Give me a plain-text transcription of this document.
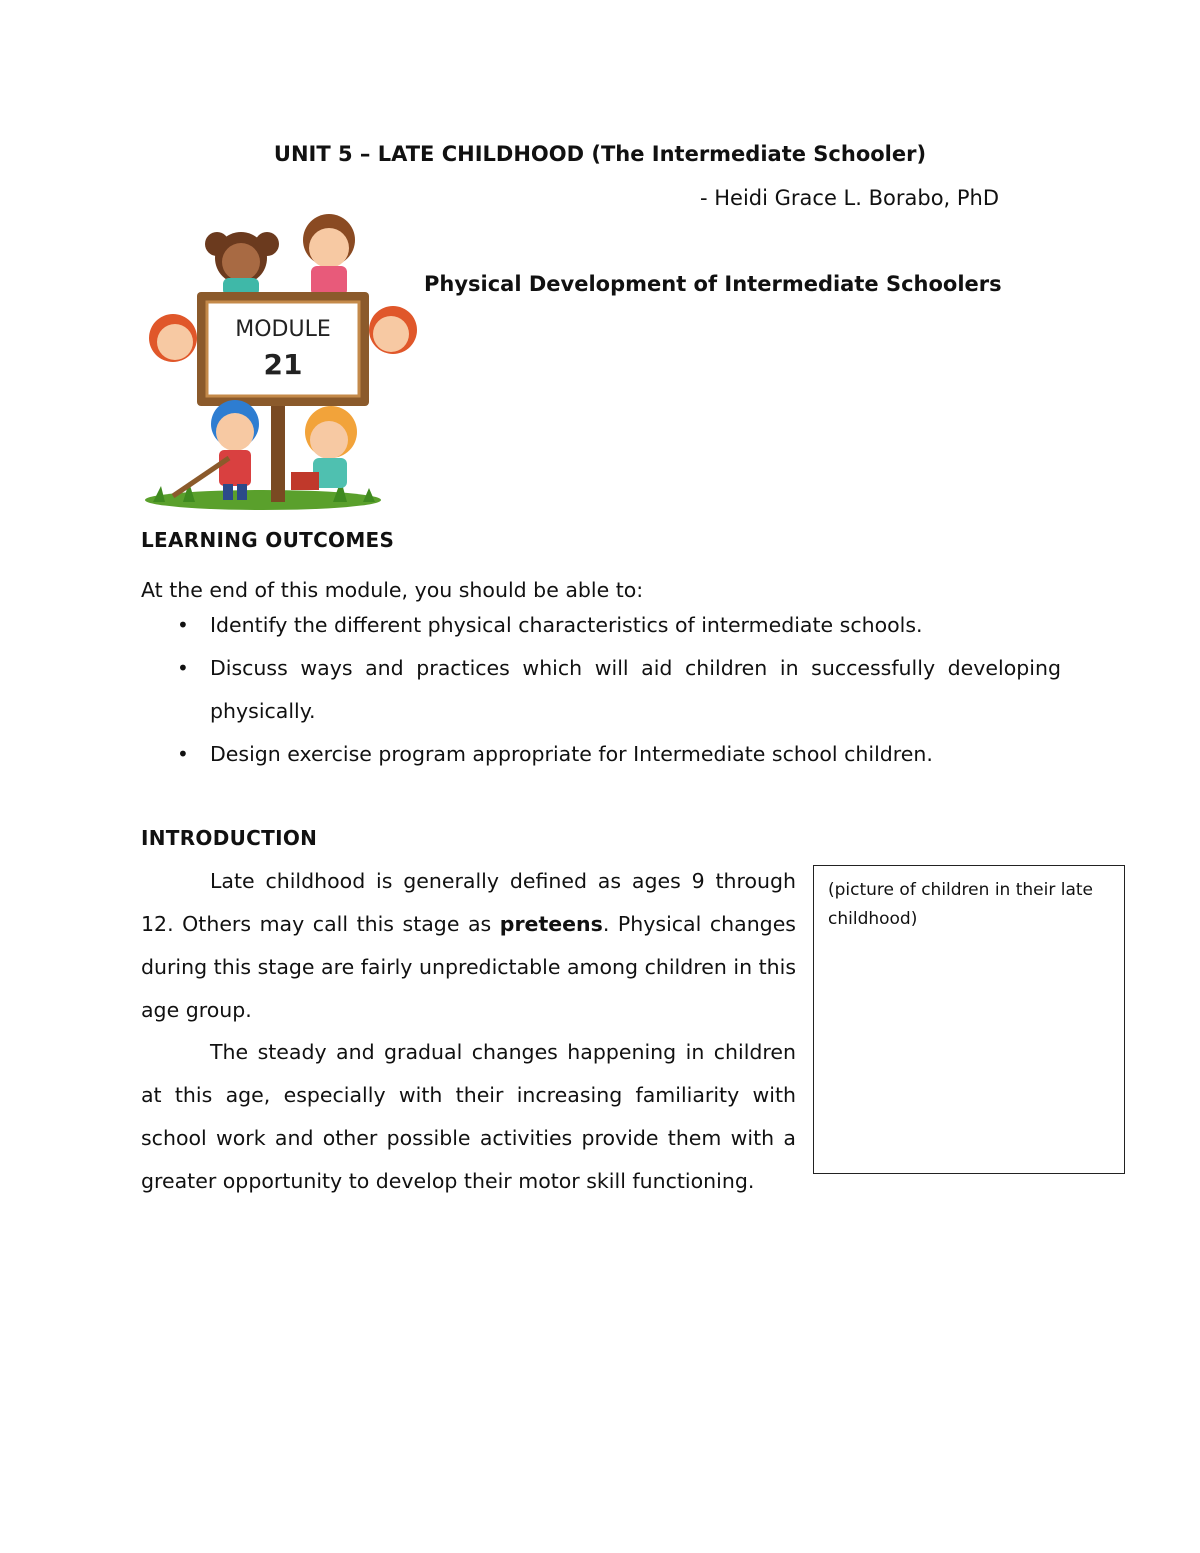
UNIT 5 – LATE CHILDHOOD (The Intermediate Schooler)
- Heidi Grace L. Borabo, PhD
MODULE
21
Physical Development of Intermediate Schoolers
LEARNING OUTCOMES
At the end of this module, you should be able to:
• Identify the different physical characteristics of intermediate schools.
• Discuss ways and practices which will aid children in successfully developing physically.
• Design exercise program appropriate for Intermediate school children.
INTRODUCTION

Late childhood is generally defined as ages 9 through 12. Others may call this stage as preteens. Physical changes during this stage are fairly unpredictable among children in this age group.

The steady and gradual changes happening in children at this age, especially with their increasing familiarity with school work and other possible activities provide them with a greater opportunity to develop their motor skill functioning.

(picture of children in their late childhood)
